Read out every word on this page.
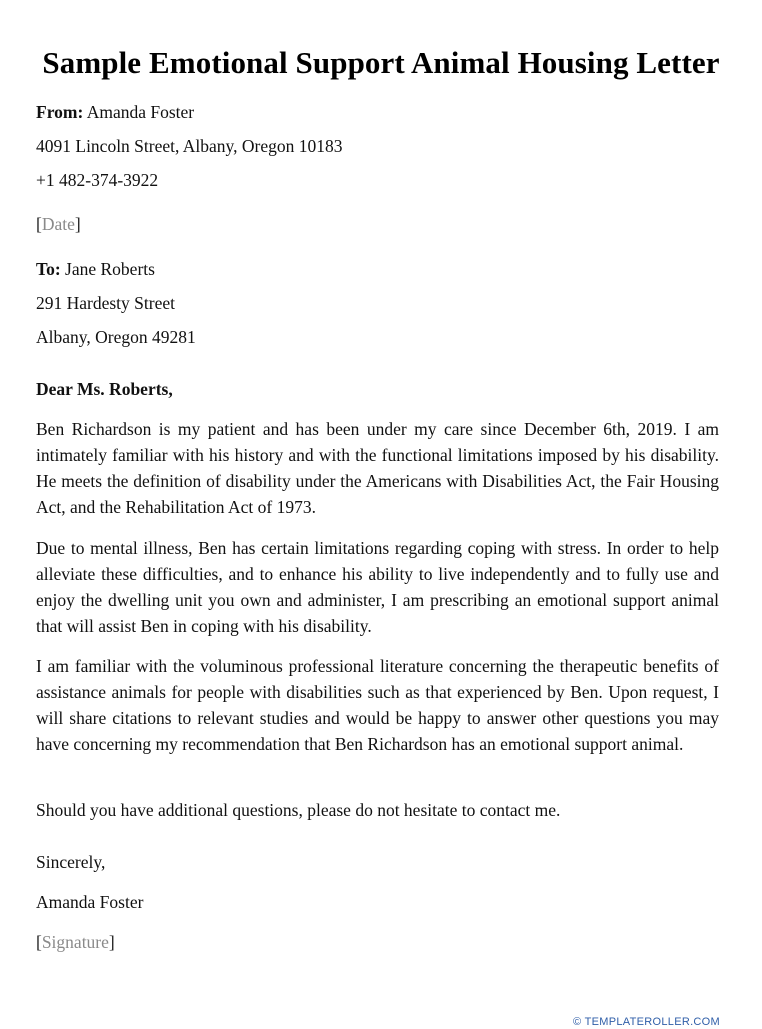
Sample Emotional Support Animal Housing Letter
From: Amanda Foster
4091 Lincoln Street, Albany, Oregon 10183
+1 482-374-3922
[Date]
To: Jane Roberts
291 Hardesty Street
Albany, Oregon 49281
Dear Ms. Roberts,

Ben Richardson is my patient and has been under my care since December 6th, 2019. I am intimately familiar with his history and with the functional limitations imposed by his disability. He meets the definition of disability under the Americans with Disabilities Act, the Fair Housing Act, and the Rehabilitation Act of 1973.

Due to mental illness, Ben has certain limitations regarding coping with stress. In order to help alleviate these difficulties, and to enhance his ability to live independently and to fully use and enjoy the dwelling unit you own and administer, I am prescribing an emotional support animal that will assist Ben in coping with his disability.

I am familiar with the voluminous professional literature concerning the therapeutic benefits of assistance animals for people with disabilities such as that experienced by Ben. Upon request, I will share citations to relevant studies and would be happy to answer other questions you may have concerning my recommendation that Ben Richardson has an emotional support animal.

Should you have additional questions, please do not hesitate to contact me.

Sincerely,
Amanda Foster
[Signature]
© TEMPLATEROLLER.COM
